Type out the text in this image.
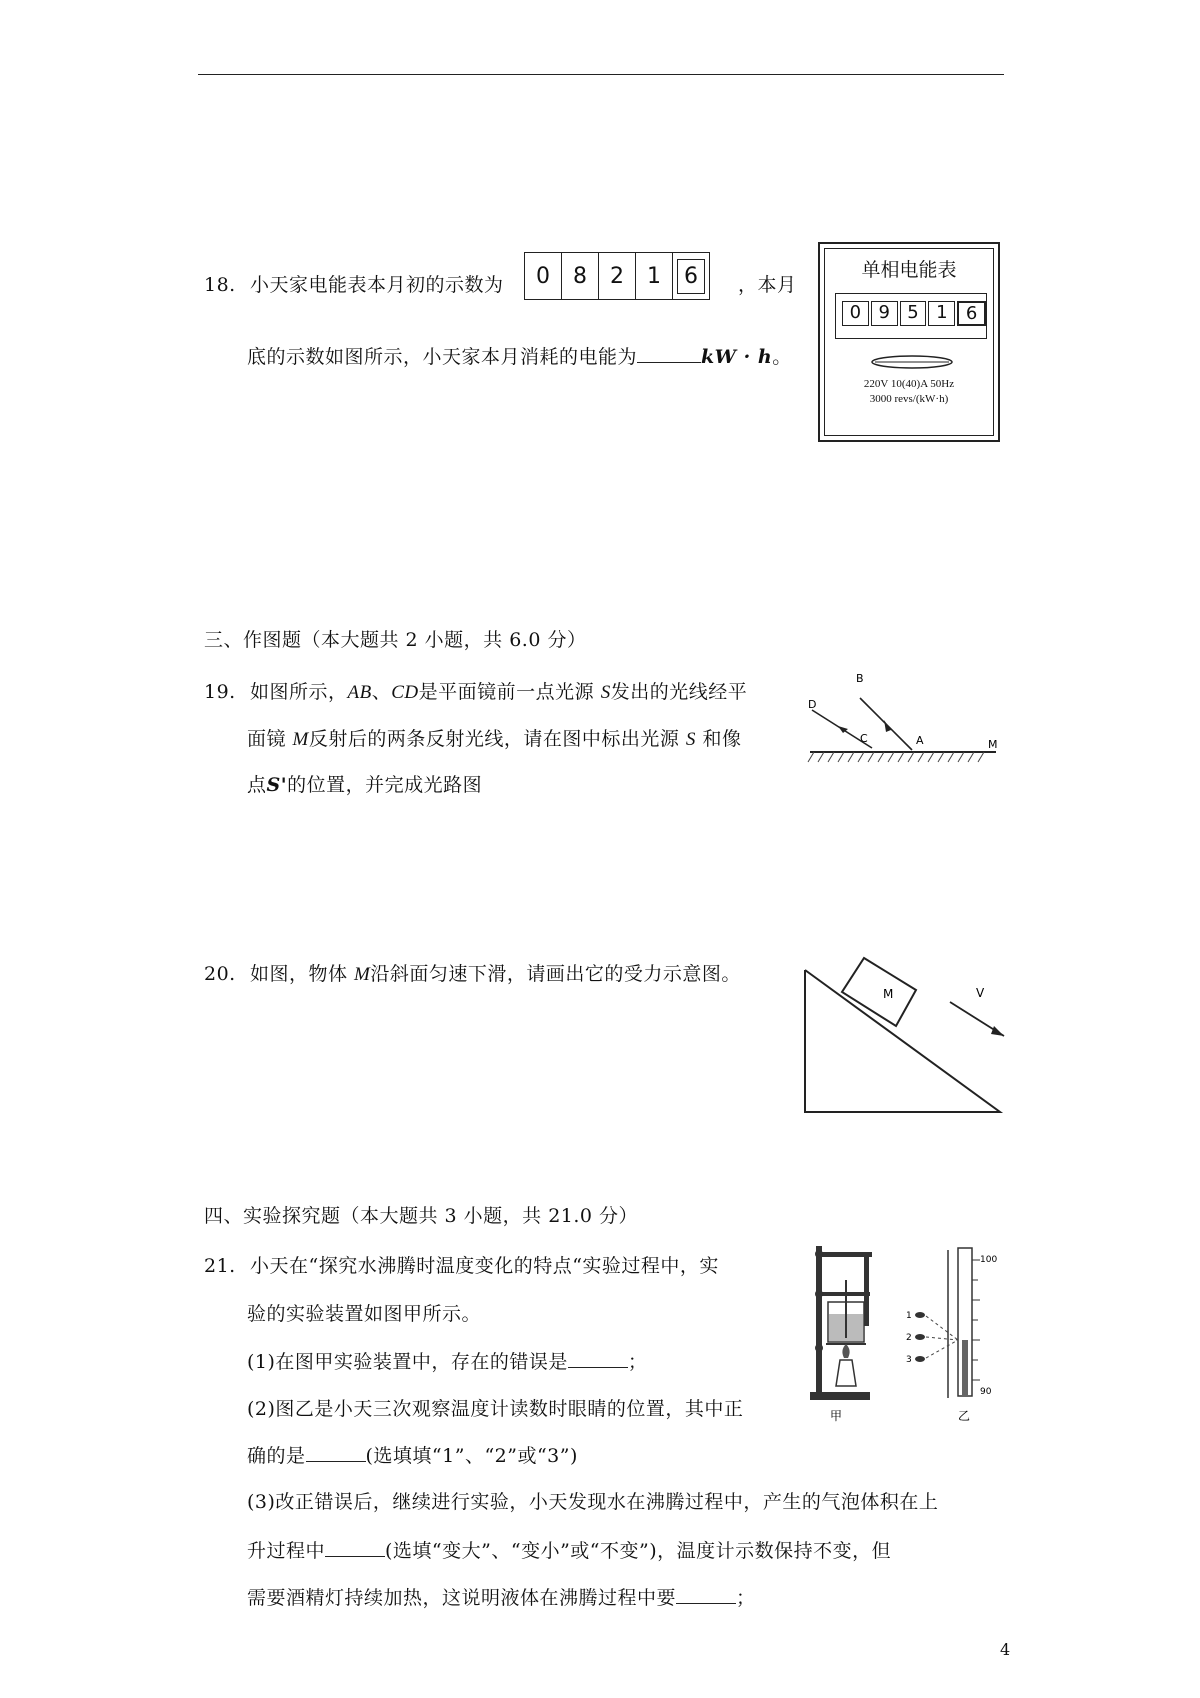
18. 小天家电能表本月初的示数为	0	8	2	1	6	，本月
底的示数如图所示，小天家本月消耗的电能为	kW · h。
单相电能表
0 9 5 1	6
220V 10(40)A 50Hz
3000 revs/(kW·h)
三、作图题（本大题共 2 小题，共 6.0 分）
19. 如图所示，AB、CD是平面镜前一点光源 S发出的光线经平
面镜 M反射后的两条反射光线，请在图中标出光源 S 和像
点S'的位置，并完成光路图
D
C
B
A	M
20. 如图，物体 M沿斜面匀速下滑，请画出它的受力示意图。
M	V
四、实验探究题（本大题共 3 小题，共 21.0 分）
21. 小天在“探究水沸腾时温度变化的特点“实验过程中，实
验的实验装置如图甲所示。
(1)在图甲实验装置中，存在的错误是	；
(2)图乙是小天三次观察温度计读数时眼睛的位置，其中正
确的是	(选填填“1”、“2”或“3”)
(3)改正错误后，继续进行实验，小天发现水在沸腾过程中，产生的气泡体积在上
升过程中	(选填“变大”、“变小”或“不变”)，温度计示数保持不变，但
需要酒精灯持续加热，这说明液体在沸腾过程中要	；
甲
100
90
1
2
3
乙
4
